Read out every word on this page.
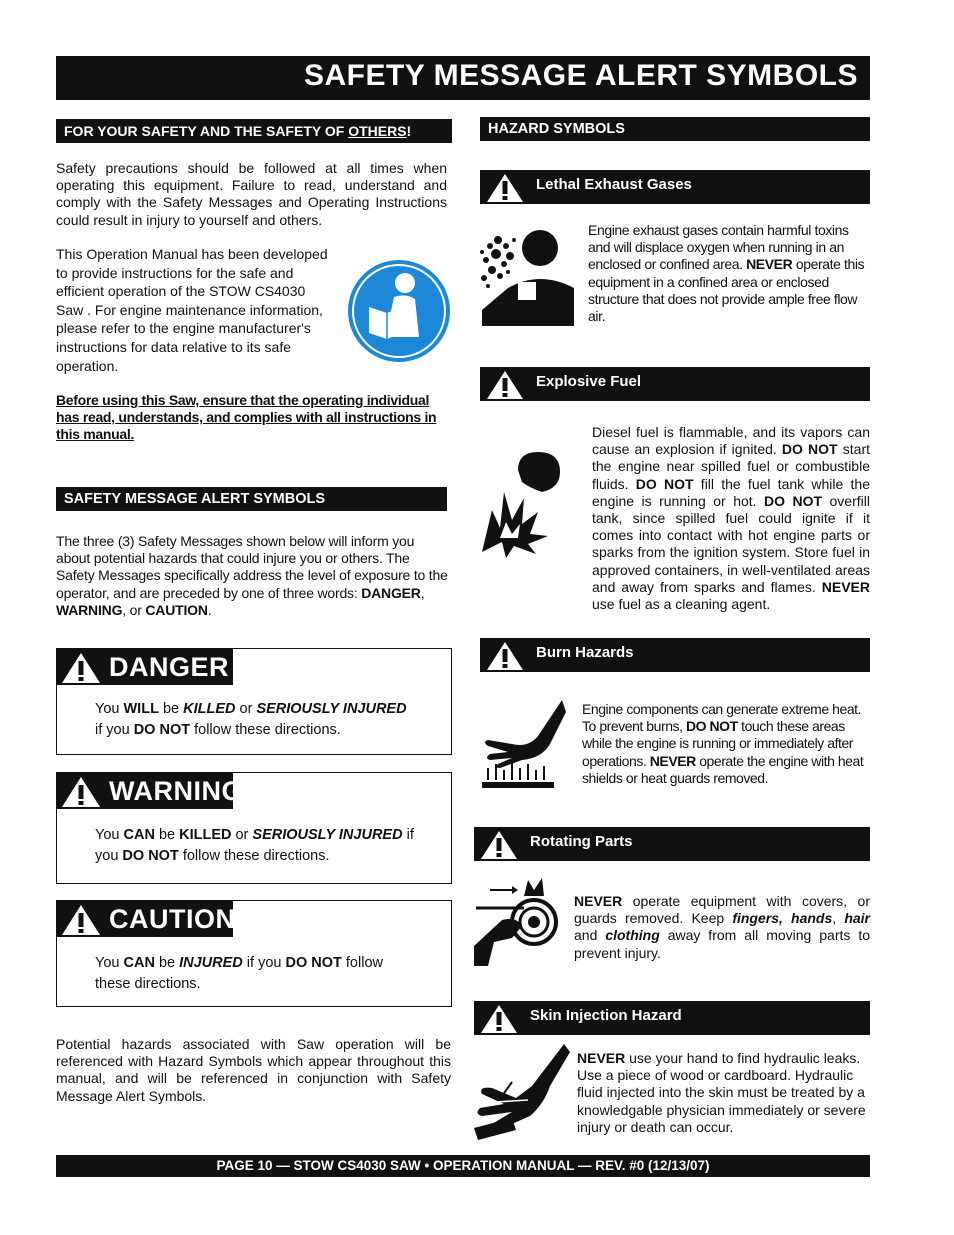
SAFETY MESSAGE ALERT SYMBOLS
FOR YOUR SAFETY AND THE SAFETY OF OTHERS!
Safety precautions should be followed at all times when operating this equipment. Failure to read, understand and comply with the Safety Messages and Operating Instructions could result in injury to yourself and others.
This Operation Manual has been developed to provide instructions for the safe and efficient operation of the STOW CS4030 Saw . For engine maintenance information, please refer to the engine manufacturer's instructions for data relative to its safe operation.
Before using this Saw, ensure that the operating individual has read, understands, and complies with all instructions in this manual.
SAFETY MESSAGE ALERT SYMBOLS
The three (3) Safety Messages shown below will inform you about potential hazards that could injure you or others. The Safety Messages specifically address the level of exposure to the operator, and are preceded by one of three words: DANGER, WARNING, or CAUTION.
DANGER
You WILL be KILLED or SERIOUSLY INJURED
if you DO NOT follow these directions.
WARNING
You CAN be KILLED or SERIOUSLY INJURED if
you DO NOT follow these directions.
CAUTION
You CAN be INJURED if you DO NOT follow
these directions.
Potential hazards associated with Saw operation will be referenced with Hazard Symbols which appear throughout this manual, and will be referenced in conjunction with Safety Message Alert Symbols.
HAZARD SYMBOLS
Lethal Exhaust Gases
Engine exhaust gases contain harmful toxins and will displace oxygen when running in an enclosed or confined area. NEVER operate this equipment in a confined area or enclosed structure that does not provide ample free flow air.
Explosive Fuel
Diesel fuel is flammable, and its vapors can cause an explosion if ignited. DO NOT start the engine near spilled fuel or combustible fluids. DO NOT fill the fuel tank while the engine is running or hot. DO NOT overfill tank, since spilled fuel could ignite if it comes into contact with hot engine parts or sparks from the ignition system. Store fuel in approved containers, in well-ventilated areas and away from sparks and flames. NEVER use fuel as a cleaning agent.
Burn Hazards
Engine components can generate extreme heat. To prevent burns, DO NOT touch these areas while the engine is running or immediately after operations. NEVER operate the engine with heat shields or heat guards removed.
Rotating Parts
NEVER operate equipment with covers, or guards removed. Keep fingers, hands, hair and clothing away from all moving parts to prevent injury.
Skin Injection Hazard
NEVER use your hand to find hydraulic leaks. Use a piece of wood or cardboard. Hydraulic fluid injected into the skin must be treated by a knowledgable physician immediately or severe injury or death can occur.
PAGE 10 — STOW CS4030 SAW • OPERATION MANUAL — REV. #0 (12/13/07)
